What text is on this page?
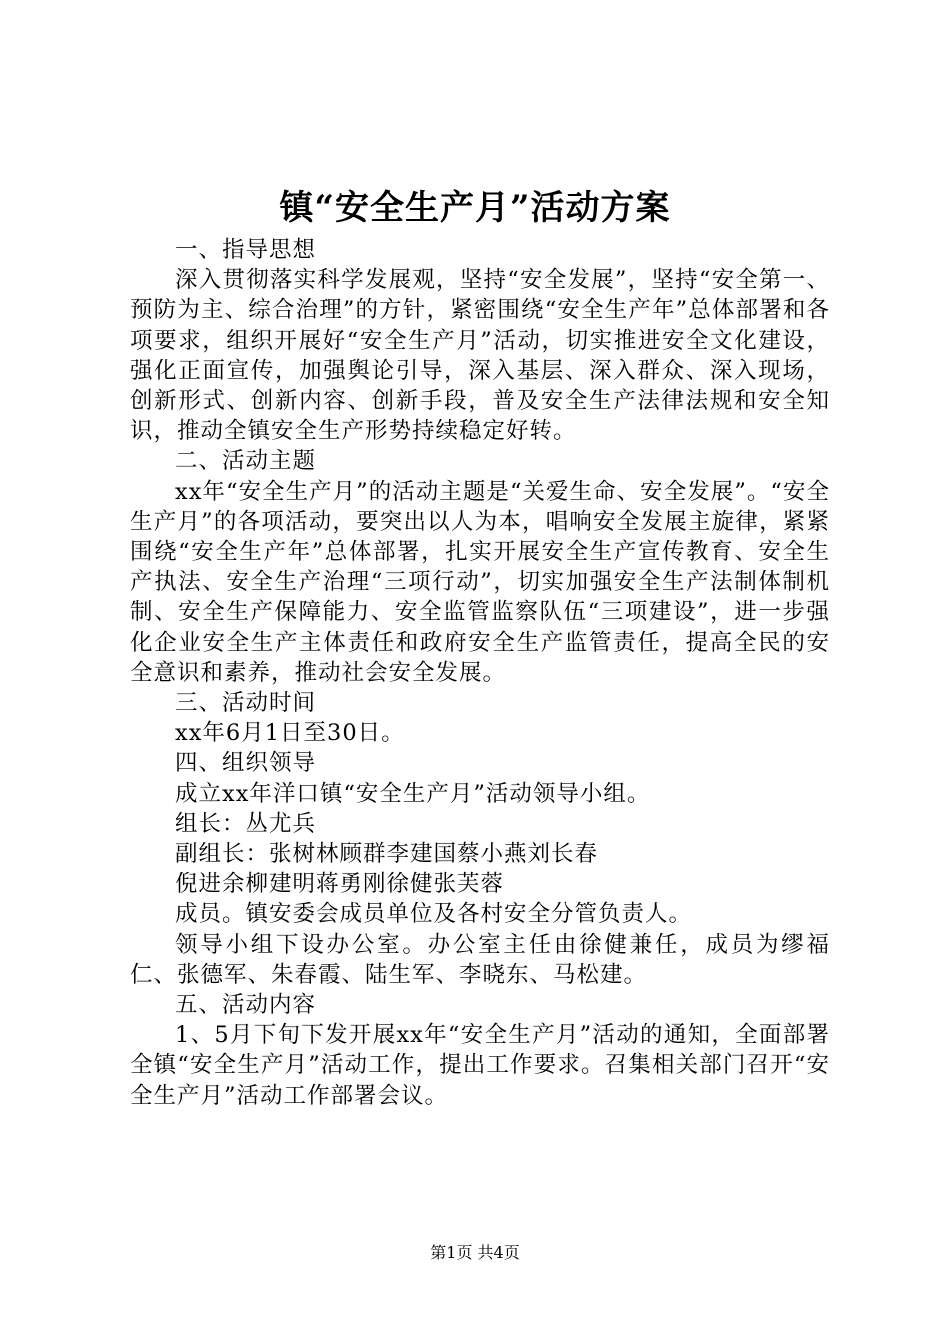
镇“安全生产月”活动方案

一、指导思想

深入贯彻落实科学发展观，坚持“安全发展”，坚持“安全第一、预防为主、综合治理”的方针，紧密围绕“安全生产年”总体部署和各项要求，组织开展好“安全生产月”活动，切实推进安全文化建设，强化正面宣传，加强舆论引导，深入基层、深入群众、深入现场，创新形式、创新内容、创新手段，普及安全生产法律法规和安全知识，推动全镇安全生产形势持续稳定好转。

二、活动主题

xx年“安全生产月”的活动主题是“关爱生命、安全发展”。“安全生产月”的各项活动，要突出以人为本，唱响安全发展主旋律，紧紧围绕“安全生产年”总体部署，扎实开展安全生产宣传教育、安全生产执法、安全生产治理“三项行动”，切实加强安全生产法制体制机制、安全生产保障能力、安全监管监察队伍“三项建设”，进一步强化企业安全生产主体责任和政府安全生产监管责任，提高全民的安全意识和素养，推动社会安全发展。

三、活动时间

xx年6月1日至30日。

四、组织领导

成立xx年洋口镇“安全生产月”活动领导小组。

组长：丛尤兵

副组长：张树林顾群李建国蔡小燕刘长春

倪进余柳建明蒋勇刚徐健张芙蓉

成员。镇安委会成员单位及各村安全分管负责人。

领导小组下设办公室。办公室主任由徐健兼任，成员为缪福仁、张德军、朱春霞、陆生军、李晓东、马松建。

五、活动内容

1、5月下旬下发开展xx年“安全生产月”活动的通知，全面部署全镇“安全生产月”活动工作，提出工作要求。召集相关部门召开“安全生产月”活动工作部署会议。

第1页 共4页
